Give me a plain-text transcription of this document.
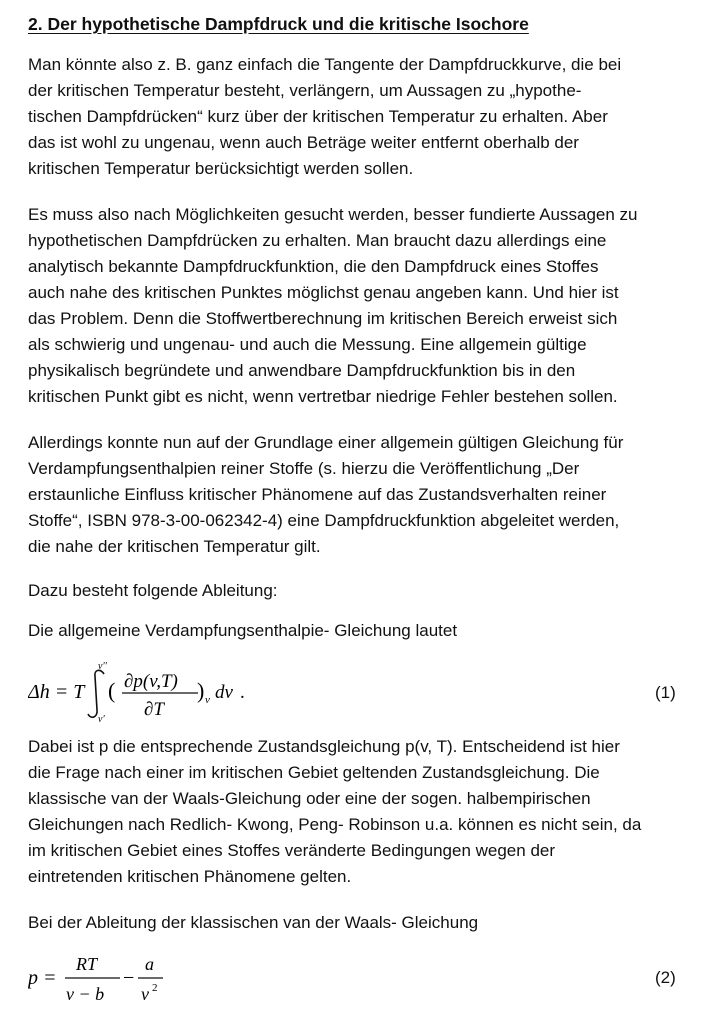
2. Der hypothetische Dampfdruck und die kritische Isochore
Man könnte also z. B. ganz einfach die Tangente der Dampfdruckkurve, die bei
der kritischen Temperatur besteht, verlängern, um Aussagen zu „hypothe-
tischen Dampfdrücken“ kurz über der kritischen Temperatur zu erhalten. Aber
das ist wohl zu ungenau, wenn auch Beträge weiter entfernt oberhalb der
kritischen Temperatur berücksichtigt werden sollen.
Es muss also nach Möglichkeiten gesucht werden, besser fundierte Aussagen zu
hypothetischen Dampfdrücken zu erhalten. Man braucht dazu allerdings eine
analytisch bekannte Dampfdruckfunktion, die den Dampfdruck eines Stoffes
auch nahe des kritischen Punktes möglichst genau angeben kann. Und hier ist
das Problem. Denn die Stoffwertberechnung im kritischen Bereich erweist sich
als schwierig und ungenau- und auch die Messung. Eine allgemein gültige
physikalisch begründete und anwendbare Dampfdruckfunktion bis in den
kritischen Punkt gibt es nicht, wenn vertretbar niedrige Fehler bestehen sollen.
Allerdings konnte nun auf der Grundlage einer allgemein gültigen Gleichung für
Verdampfungsenthalpien reiner Stoffe (s. hierzu die Veröffentlichung „Der
erstaunliche Einfluss kritischer Phänomene auf das Zustandsverhalten reiner
Stoffe“, ISBN 978-3-00-062342-4) eine Dampfdruckfunktion abgeleitet werden,
die nahe der kritischen Temperatur gilt.
Dazu besteht folgende Ableitung:
Die allgemeine Verdampfungsenthalpie- Gleichung lautet
Δh = T
v''
v'
( ∂p(v,T)
∂T
) v dv .	(1)
Dabei ist p die entsprechende Zustandsgleichung p(v, T). Entscheidend ist hier
die Frage nach einer im kritischen Gebiet geltenden Zustandsgleichung. Die
klassische van der Waals-Gleichung oder eine der sogen. halbempirischen
Gleichungen nach Redlich- Kwong, Peng- Robinson u.a. können es nicht sein, da
im kritischen Gebiet eines Stoffes veränderte Bedingungen wegen der
eintretenden kritischen Phänomene gelten.
Bei der Ableitung der klassischen van der Waals- Gleichung
p =
RT
v − b
−
a
v 2
(2)
